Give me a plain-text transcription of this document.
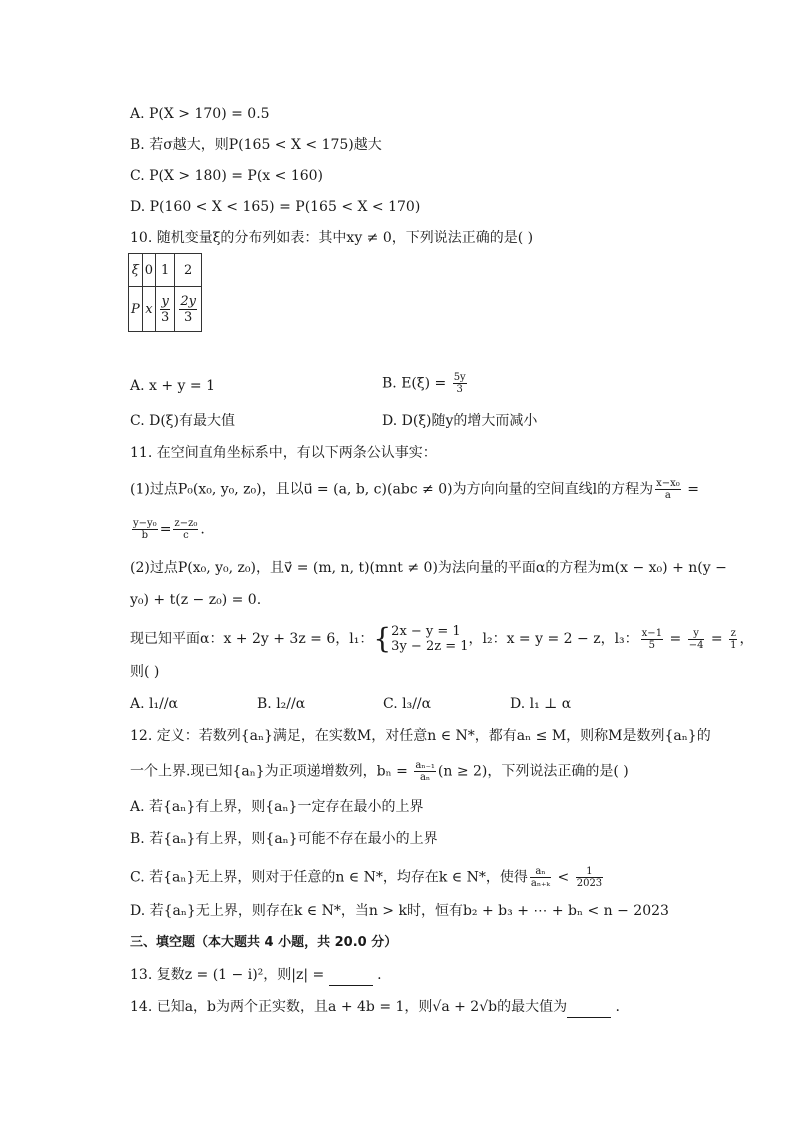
A. P(X > 170) = 0.5
B. 若σ越大，则P(165 < X < 175)越大
C. P(X > 180) = P(x < 160)
D. P(160 < X < 165) = P(165 < X < 170)
10. 随机变量ξ的分布列如表：其中xy ≠ 0，下列说法正确的是( )
ξ	0	1	2
P	x	$\frac{y}{3}$	$\frac{2y}{3}$
A. x + y = 1	B. $E(\xi) = \frac{5y}{3}$
C. D(ξ)有最大值	D. D(ξ)随y的增大而减小
11. 在空间直角坐标系中，有以下两条公认事实：
(1)过点P₀(x₀, y₀, z₀)，且以u⃗ = (a, b, c)(abc ≠ 0)为方向向量的空间直线l的方程为 $\frac{\text{x−x₀}}{a}$ =
$\frac{\text{y−y₀}}{b} = \frac{\text{z−z₀}}{c}$ .
(2)过点P(x₀, y₀, z₀)，且v⃗ = (m, n, t)(mnt ≠ 0)为法向量的平面α的方程为m(x − x₀) + n(y −
y₀) + t(z − z₀) = 0.
现已知平面α：x + 2y + 3z = 6，l₁：{ 2x − y = 1
3y − 2z = 1 ，l₂：x = y = 2 − z，l₃： $\frac{x-1}{5} = \frac{y}{-4} = \frac{z}{1}$ ，
则( )
A. l₁//α	B. l₂//α	C. l₃//α	D. l₁ ⊥ α
12. 定义：若数列{aₙ}满足，在实数M，对任意n ∈ N*，都有aₙ ≤ M，则称M是数列{aₙ}的
一个上界.现已知{aₙ}为正项递增数列，$b_n = \frac{\text{aₙ₋₁}}{\text{aₙ}} (n \ge 2)$，下列说法正确的是( )
A. 若{aₙ}有上界，则{aₙ}一定存在最小的上界
B. 若{aₙ}有上界，则{aₙ}可能不存在最小的上界
C. 若{aₙ}无上界，则对于任意的n ∈ N*，均存在k ∈ N*，使得 $\frac{\text{aₙ}}{\text{aₙ₊ₖ}} < \frac{1}{2023}$
D. 若{aₙ}无上界，则存在k ∈ N*，当n > k时，恒有b₂ + b₃ + ⋯ + bₙ < n − 2023
三、填空题（本大题共 4 小题，共 20.0 分）
13. 复数z = (1 − i)²，则|z| =	.
14. 已知a，b为两个正实数，且a + 4b = 1，则√a + 2√b的最大值为	.
